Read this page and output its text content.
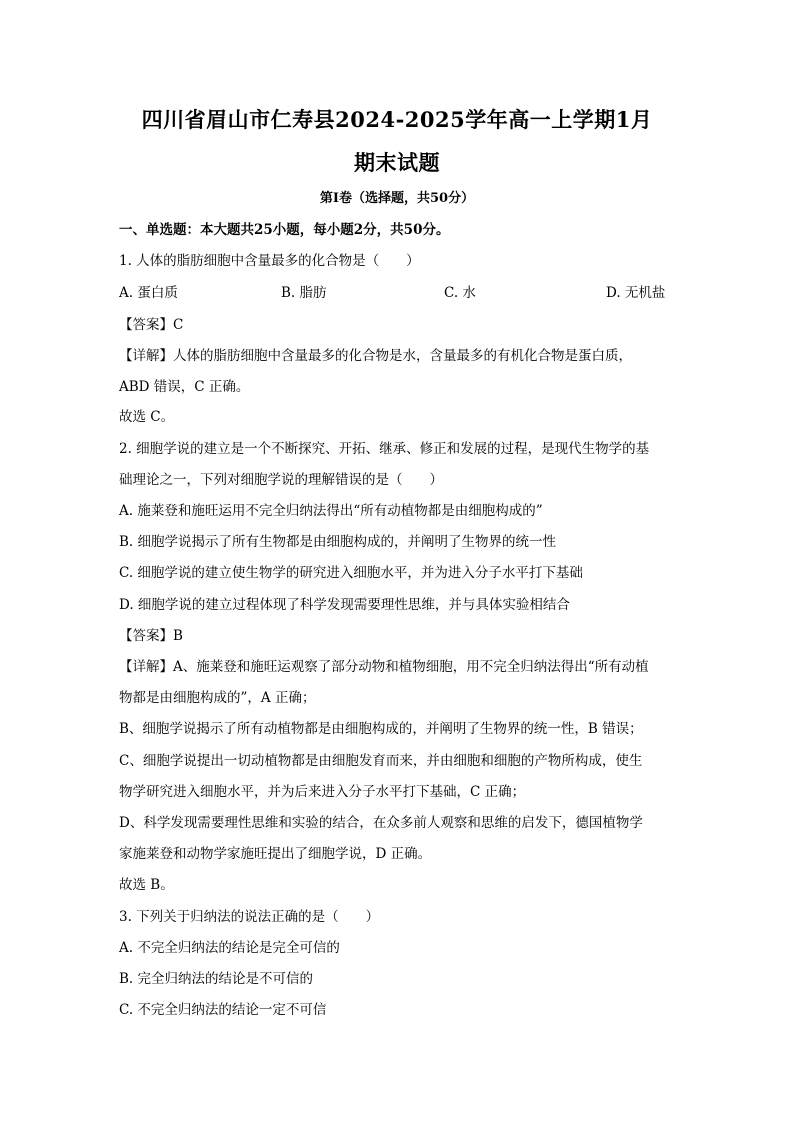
四川省眉山市仁寿县2024-2025学年高一上学期1月
期末试题
第Ⅰ卷（选择题，共50分）
一、单选题：本大题共25小题，每小题2分，共50分。
1. 人体的脂肪细胞中含量最多的化合物是（　　）
A. 蛋白质	B. 脂肪	C. 水	D. 无机盐
【答案】C
【详解】人体的脂肪细胞中含量最多的化合物是水，含量最多的有机化合物是蛋白质，
ABD 错误，C 正确。
故选 C。
2. 细胞学说的建立是一个不断探究、开拓、继承、修正和发展的过程，是现代生物学的基
础理论之一，下列对细胞学说的理解错误的是（　　）
A. 施莱登和施旺运用不完全归纳法得出“所有动植物都是由细胞构成的”
B. 细胞学说揭示了所有生物都是由细胞构成的，并阐明了生物界的统一性
C. 细胞学说的建立使生物学的研究进入细胞水平，并为进入分子水平打下基础
D. 细胞学说的建立过程体现了科学发现需要理性思维，并与具体实验相结合
【答案】B
【详解】A、施莱登和施旺运观察了部分动物和植物细胞，用不完全归纳法得出“所有动植
物都是由细胞构成的”，A 正确；
B、细胞学说揭示了所有动植物都是由细胞构成的，并阐明了生物界的统一性，B 错误；
C、细胞学说提出一切动植物都是由细胞发育而来，并由细胞和细胞的产物所构成，使生
物学研究进入细胞水平，并为后来进入分子水平打下基础，C 正确；
D、科学发现需要理性思维和实验的结合，在众多前人观察和思维的启发下，德国植物学
家施莱登和动物学家施旺提出了细胞学说，D 正确。
故选 B。
3. 下列关于归纳法的说法正确的是（　　）
A. 不完全归纳法的结论是完全可信的
B. 完全归纳法的结论是不可信的
C. 不完全归纳法的结论一定不可信
